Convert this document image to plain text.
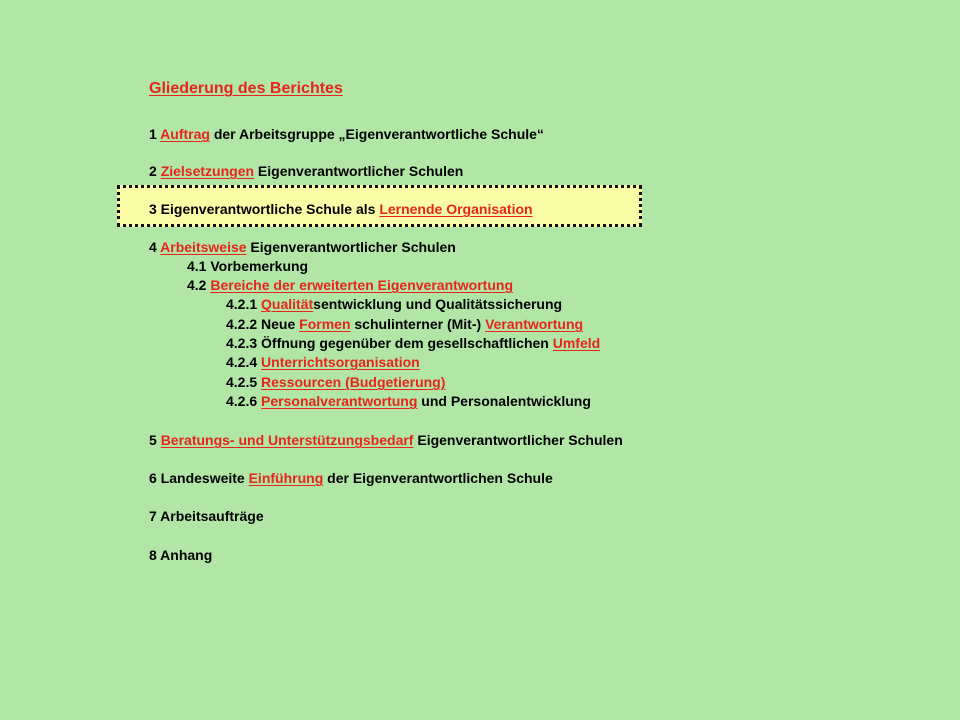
Gliederung des Berichtes
1 Auftrag der Arbeitsgruppe „Eigenverantwortliche Schule“
2 Zielsetzungen Eigenverantwortlicher Schulen
3 Eigenverantwortliche Schule als Lernende Organisation
4 Arbeitsweise Eigenverantwortlicher Schulen
4.1 Vorbemerkung
4.2 Bereiche der erweiterten Eigenverantwortung
4.2.1 Qualitätsentwicklung und Qualitätssicherung
4.2.2 Neue Formen schulinterner (Mit-) Verantwortung
4.2.3 Öffnung gegenüber dem gesellschaftlichen Umfeld
4.2.4 Unterrichtsorganisation
4.2.5 Ressourcen (Budgetierung)
4.2.6 Personalverantwortung und Personalentwicklung
5 Beratungs- und Unterstützungsbedarf Eigenverantwortlicher Schulen
6 Landesweite Einführung der Eigenverantwortlichen Schule
7 Arbeitsaufträge
8 Anhang
